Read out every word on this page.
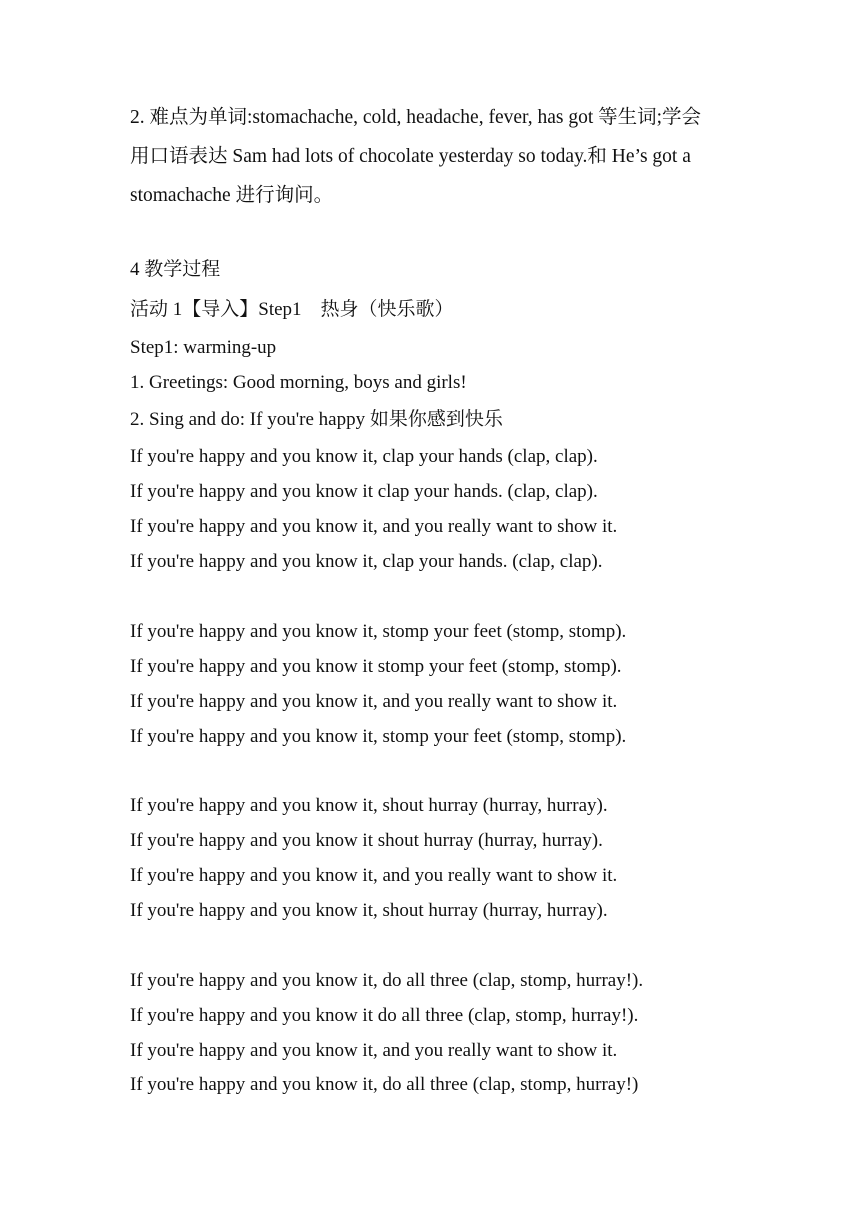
2. 难点为单词:stomachache, cold, headache, fever, has got 等生词;学会
用口语表达 Sam had lots of chocolate yesterday so today.和 He’s got a
stomachache 进行询问。
4 教学过程
活动 1【导入】Step1　热身（快乐歌）
Step1: warming-up
1. Greetings: Good morning, boys and girls!
2. Sing and do: If you're happy 如果你感到快乐
If you're happy and you know it, clap your hands (clap, clap).
If you're happy and you know it clap your hands. (clap, clap).
If you're happy and you know it, and you really want to show it.
If you're happy and you know it, clap your hands. (clap, clap).
If you're happy and you know it, stomp your feet (stomp, stomp).
If you're happy and you know it stomp your feet (stomp, stomp).
If you're happy and you know it, and you really want to show it.
If you're happy and you know it, stomp your feet (stomp, stomp).
If you're happy and you know it, shout hurray (hurray, hurray).
If you're happy and you know it shout hurray (hurray, hurray).
If you're happy and you know it, and you really want to show it.
If you're happy and you know it, shout hurray (hurray, hurray).
If you're happy and you know it, do all three (clap, stomp, hurray!).
If you're happy and you know it do all three (clap, stomp, hurray!).
If you're happy and you know it, and you really want to show it.
If you're happy and you know it, do all three (clap, stomp, hurray!)
